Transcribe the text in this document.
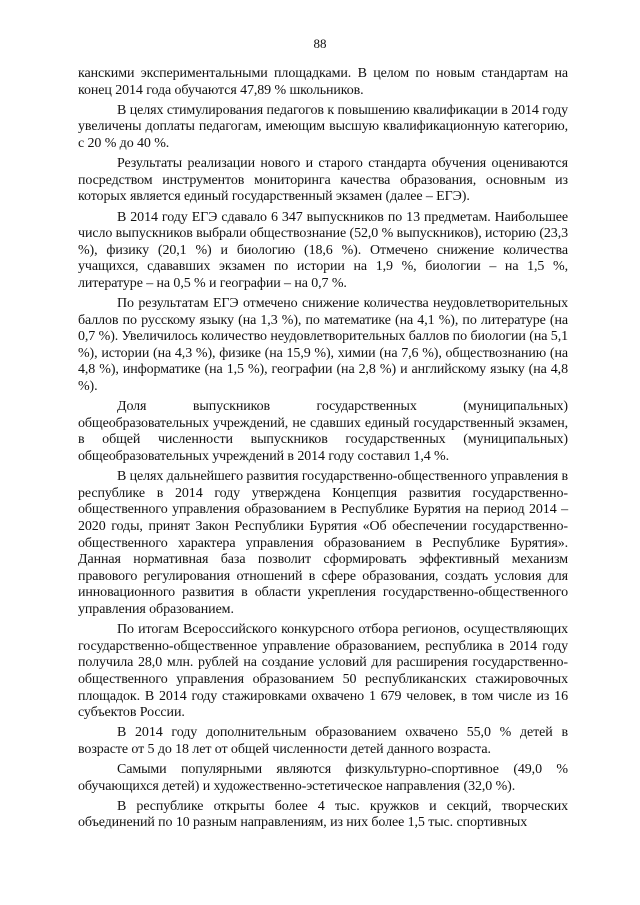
88

канскими экспериментальными площадками. В целом по новым стандартам на конец 2014 года обучаются 47,89 % школьников.

В целях стимулирования педагогов к повышению квалификации в 2014 году увеличены доплаты педагогам, имеющим высшую квалификационную категорию, с 20 % до 40 %.

Результаты реализации нового и старого стандарта обучения оцениваются посредством инструментов мониторинга качества образования, основным из которых является единый государственный экзамен (далее – ЕГЭ).

В 2014 году ЕГЭ сдавало 6 347 выпускников по 13 предметам. Наибольшее число выпускников выбрали обществознание (52,0 % выпускников), историю (23,3 %), физику (20,1 %) и биологию (18,6 %). Отмечено снижение количества учащихся, сдававших экзамен по истории на 1,9 %, биологии – на 1,5 %, литературе – на 0,5 % и географии – на 0,7 %.

По результатам ЕГЭ отмечено снижение количества неудовлетворительных баллов по русскому языку (на 1,3 %), по математике (на 4,1 %), по литературе (на 0,7 %). Увеличилось количество неудовлетворительных баллов по биологии (на 5,1 %), истории (на 4,3 %), физике (на 15,9 %), химии (на 7,6 %), обществознанию (на 4,8 %), информатике (на 1,5 %), географии (на 2,8 %) и английскому языку (на 4,8 %).

Доля выпускников государственных (муниципальных) общеобразовательных учреждений, не сдавших единый государственный экзамен, в общей численности выпускников государственных (муниципальных) общеобразовательных учреждений в 2014 году составил 1,4 %.

В целях дальнейшего развития государственно-общественного управления в республике в 2014 году утверждена Концепция развития государственно-общественного управления образованием в Республике Бурятия на период 2014 – 2020 годы, принят Закон Республики Бурятия «Об обеспечении государственно-общественного характера управления образованием в Республике Бурятия». Данная нормативная база позволит сформировать эффективный механизм правового регулирования отношений в сфере образования, создать условия для инновационного развития в области укрепления государственно-общественного управления образованием.

По итогам Всероссийского конкурсного отбора регионов, осуществляющих государственно-общественное управление образованием, республика в 2014 году получила 28,0 млн. рублей на создание условий для расширения государственно-общественного управления образованием 50 республиканских стажировочных площадок. В 2014 году стажировками охвачено 1 679 человек, в том числе из 16 субъектов России.

В 2014 году дополнительным образованием охвачено 55,0 % детей в возрасте от 5 до 18 лет от общей численности детей данного возраста.

Самыми популярными являются физкультурно-спортивное (49,0 % обучающихся детей) и художественно-эстетическое направления (32,0 %).

В республике открыты более 4 тыс. кружков и секций, творческих объединений по 10 разным направлениям, из них более 1,5 тыс. спортивных
